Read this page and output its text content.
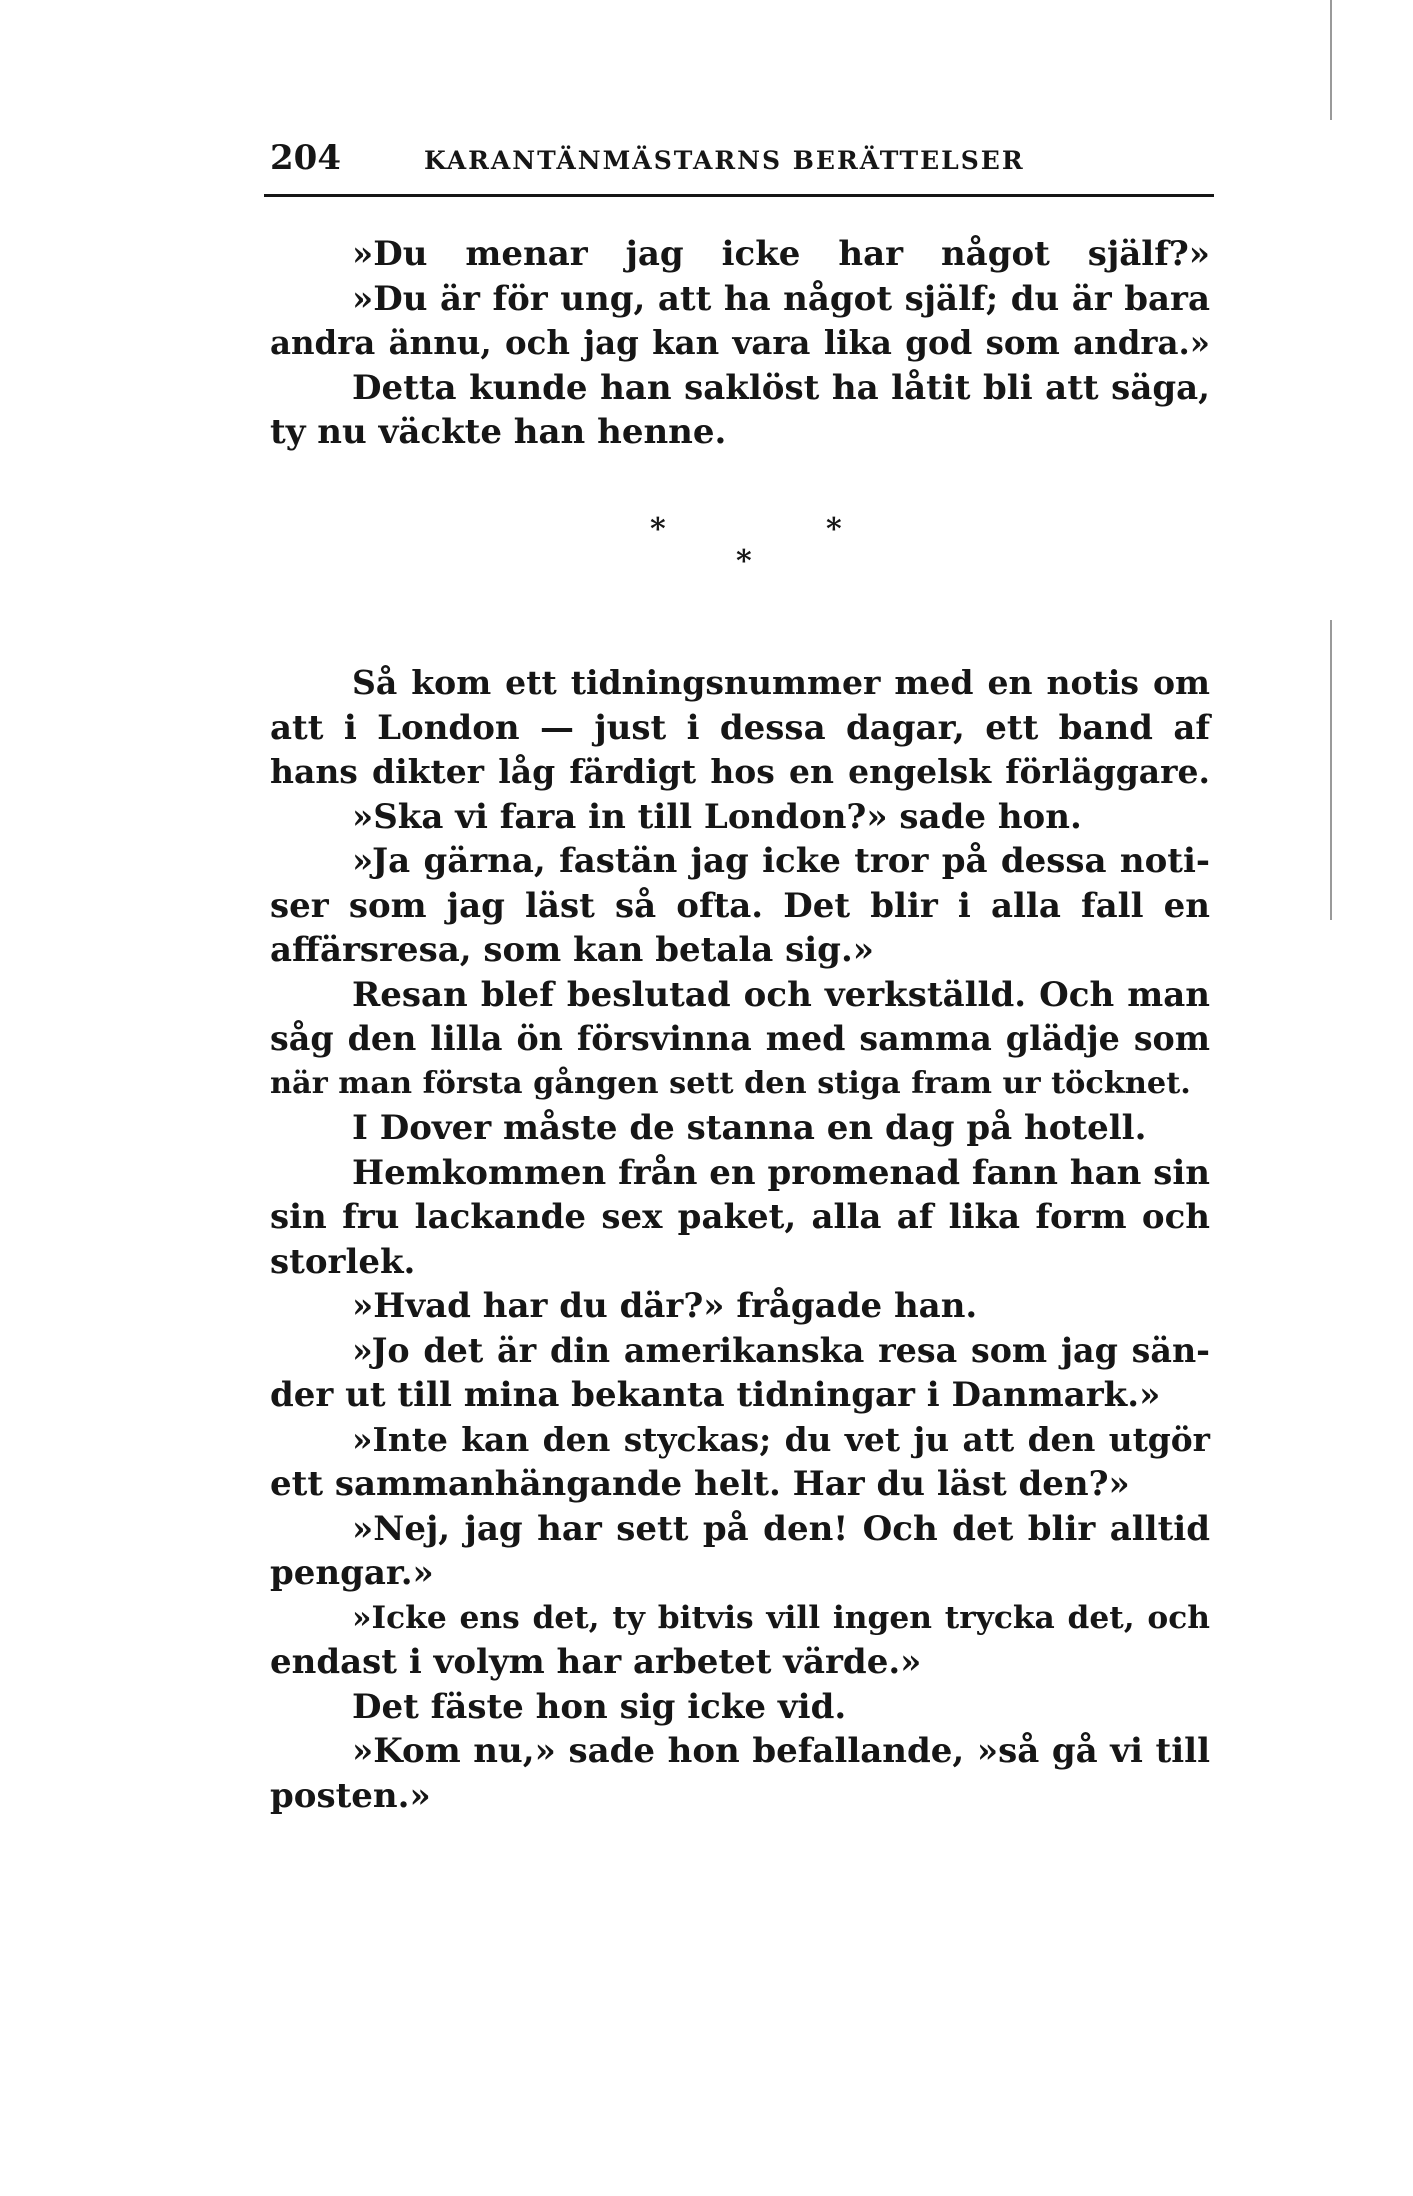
204	KARANTÄNMÄSTARNS BERÄTTELSER
»Du menar jag icke har något själf?»
»Du är för ung, att ha något själf; du är bara
andra ännu, och jag kan vara lika god som andra.»
Detta kunde han saklöst ha låtit bli att säga,
ty nu väckte han henne.
*	*
*
Så kom ett tidningsnummer med en notis om
att i London — just i dessa dagar, ett band af
hans dikter låg färdigt hos en engelsk förläggare.
»Ska vi fara in till London?» sade hon.
»Ja gärna, fastän jag icke tror på dessa noti-
ser som jag läst så ofta. Det blir i alla fall en
affärsresa, som kan betala sig.»
Resan blef beslutad och verkställd. Och man
såg den lilla ön försvinna med samma glädje som
när man första gången sett den stiga fram ur töcknet.
I Dover måste de stanna en dag på hotell.
Hemkommen från en promenad fann han sin
sin fru lackande sex paket, alla af lika form och
storlek.
»Hvad har du där?» frågade han.
»Jo det är din amerikanska resa som jag sän-
der ut till mina bekanta tidningar i Danmark.»
»Inte kan den styckas; du vet ju att den utgör
ett sammanhängande helt. Har du läst den?»
»Nej, jag har sett på den! Och det blir alltid
pengar.»
»Icke ens det, ty bitvis vill ingen trycka det, och
endast i volym har arbetet värde.»
Det fäste hon sig icke vid.
»Kom nu,» sade hon befallande, »så gå vi till
posten.»
